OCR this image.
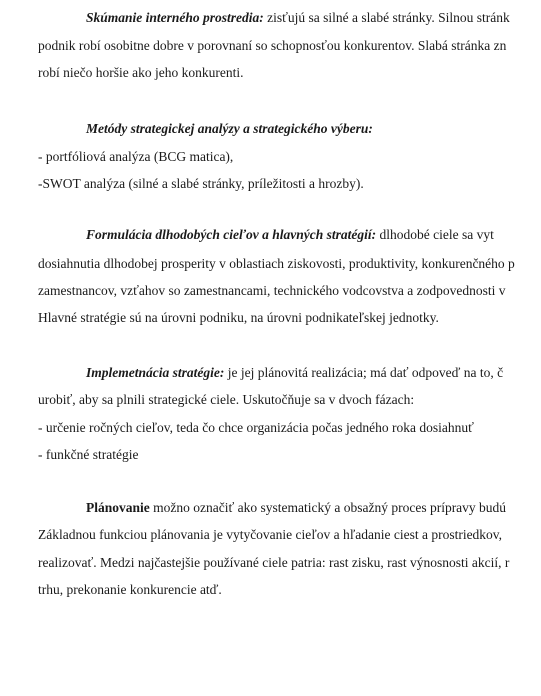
Skúmanie interného prostredia: zisťujú sa silné a slabé stránky. Silnou stránk
podnik robí osobitne dobre v porovnaní so schopnosťou konkurentov. Slabá stránka zn
robí niečo horšie ako jeho konkurenti.
Metódy strategickej analýzy a strategického výberu:
- portfóliová analýza (BCG matica),
-SWOT analýza (silné a slabé stránky, príležitosti a hrozby).
Formulácia dlhodobých cieľov a hlavných stratégií: dlhodobé ciele sa vyt
dosiahnutia dlhodobej prosperity v oblastiach ziskovosti, produktivity, konkurenčného p
zamestnancov, vzťahov so zamestnancami, technického vodcovstva a zodpovednosti v
Hlavné stratégie sú na úrovni podniku, na úrovni podnikateľskej jednotky.
Implemetnácia stratégie: je jej plánovitá realizácia; má dať odpoveď na to, č
urobiť, aby sa plnili strategické ciele. Uskutočňuje sa v dvoch fázach:
- určenie ročných cieľov, teda čo chce organizácia počas jedného roka dosiahnuť
- funkčné stratégie
Plánovanie možno označiť ako systematický a obsažný proces prípravy budú
Základnou funkciou plánovania je vytyčovanie cieľov a hľadanie ciest a prostriedkov,
realizovať. Medzi najčastejšie používané ciele patria: rast zisku, rast výnosnosti akcií, r
trhu, prekonanie konkurencie atď.
